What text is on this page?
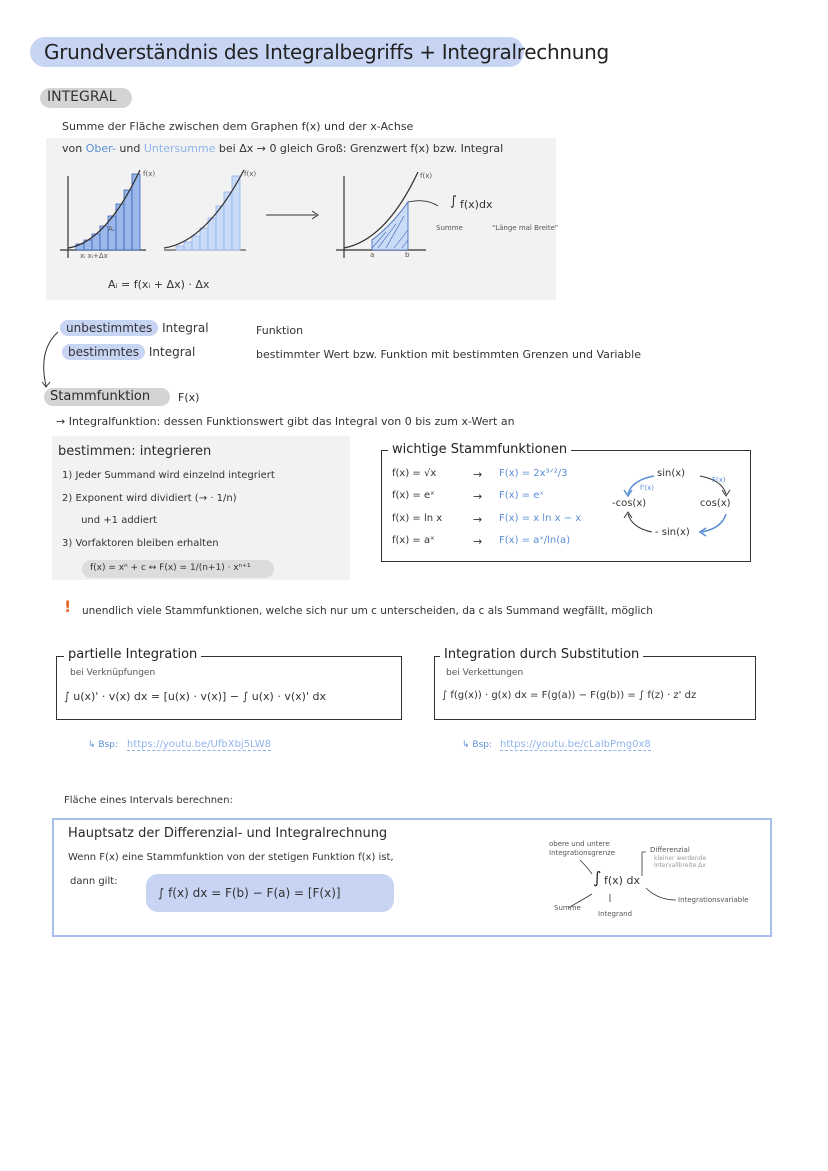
Grundverständnis des Integralbegriffs + Integralrechnung
INTEGRAL
Summe der Fläche zwischen dem Graphen f(x) und der x-Achse
von Ober- und Untersumme bei Δx → 0 gleich Groß: Grenzwert f(x) bzw. Integral
f(x)	f(x)	f(x)
Aᵢ
xᵢ xᵢ+Δx	a	b
∫ f(x)dx
Summe	"Länge mal Breite"
Aᵢ = f(xᵢ + Δx) · Δx
unbestimmtes Integral	Funktion
bestimmtes Integral	bestimmter Wert bzw. Funktion mit bestimmten Grenzen und Variable
Stammfunktion	F(x)
→ Integralfunktion: dessen Funktionswert gibt das Integral von 0 bis zum x-Wert an
bestimmen: integrieren
1) Jeder Summand wird einzelnd integriert
2) Exponent wird dividiert (→ · 1/n)
und +1 addiert
3) Vorfaktoren bleiben erhalten
f(x) = xⁿ + c ↔ F(x) = 1/(n+1) · xⁿ⁺¹
wichtige Stammfunktionen
f(x) = √x	→ F(x) = 2x³ᐟ²/3
f(x) = eˣ	→ F(x) = eˣ
f(x) = ln x	→ F(x) = x ln x − x
f(x) = aˣ	→ F(x) = aˣ/ln(a)
sin(x)
-cos(x)	cos(x)
- sin(x)
F(x)
f'(x)
! unendlich viele Stammfunktionen, welche sich nur um c unterscheiden, da c als Summand wegfällt, möglich
partielle Integration
bei Verknüpfungen
∫ u(x)' · v(x) dx = [u(x) · v(x)] − ∫ u(x) · v(x)' dx
↳ Bsp: https://youtu.be/UfbXbj5LW8
Integration durch Substitution
bei Verkettungen
∫ f(g(x)) · g(x) dx = F(g(a)) − F(g(b)) = ∫ f(z) · z' dz
↳ Bsp: https://youtu.be/cLaIbPmg0x8
Fläche eines Intervals berechnen:
Hauptsatz der Differenzial- und Integralrechnung
Wenn F(x) eine Stammfunktion von der stetigen Funktion f(x) ist,
dann gilt:
∫ f(x) dx = F(b) − F(a) = [F(x)]
obere und untere Integrationsgrenze	Differenzial
kleiner werdende Intervallbreite Δx
∫ f(x) dx
Summe
Integrand
Integrationsvariable
